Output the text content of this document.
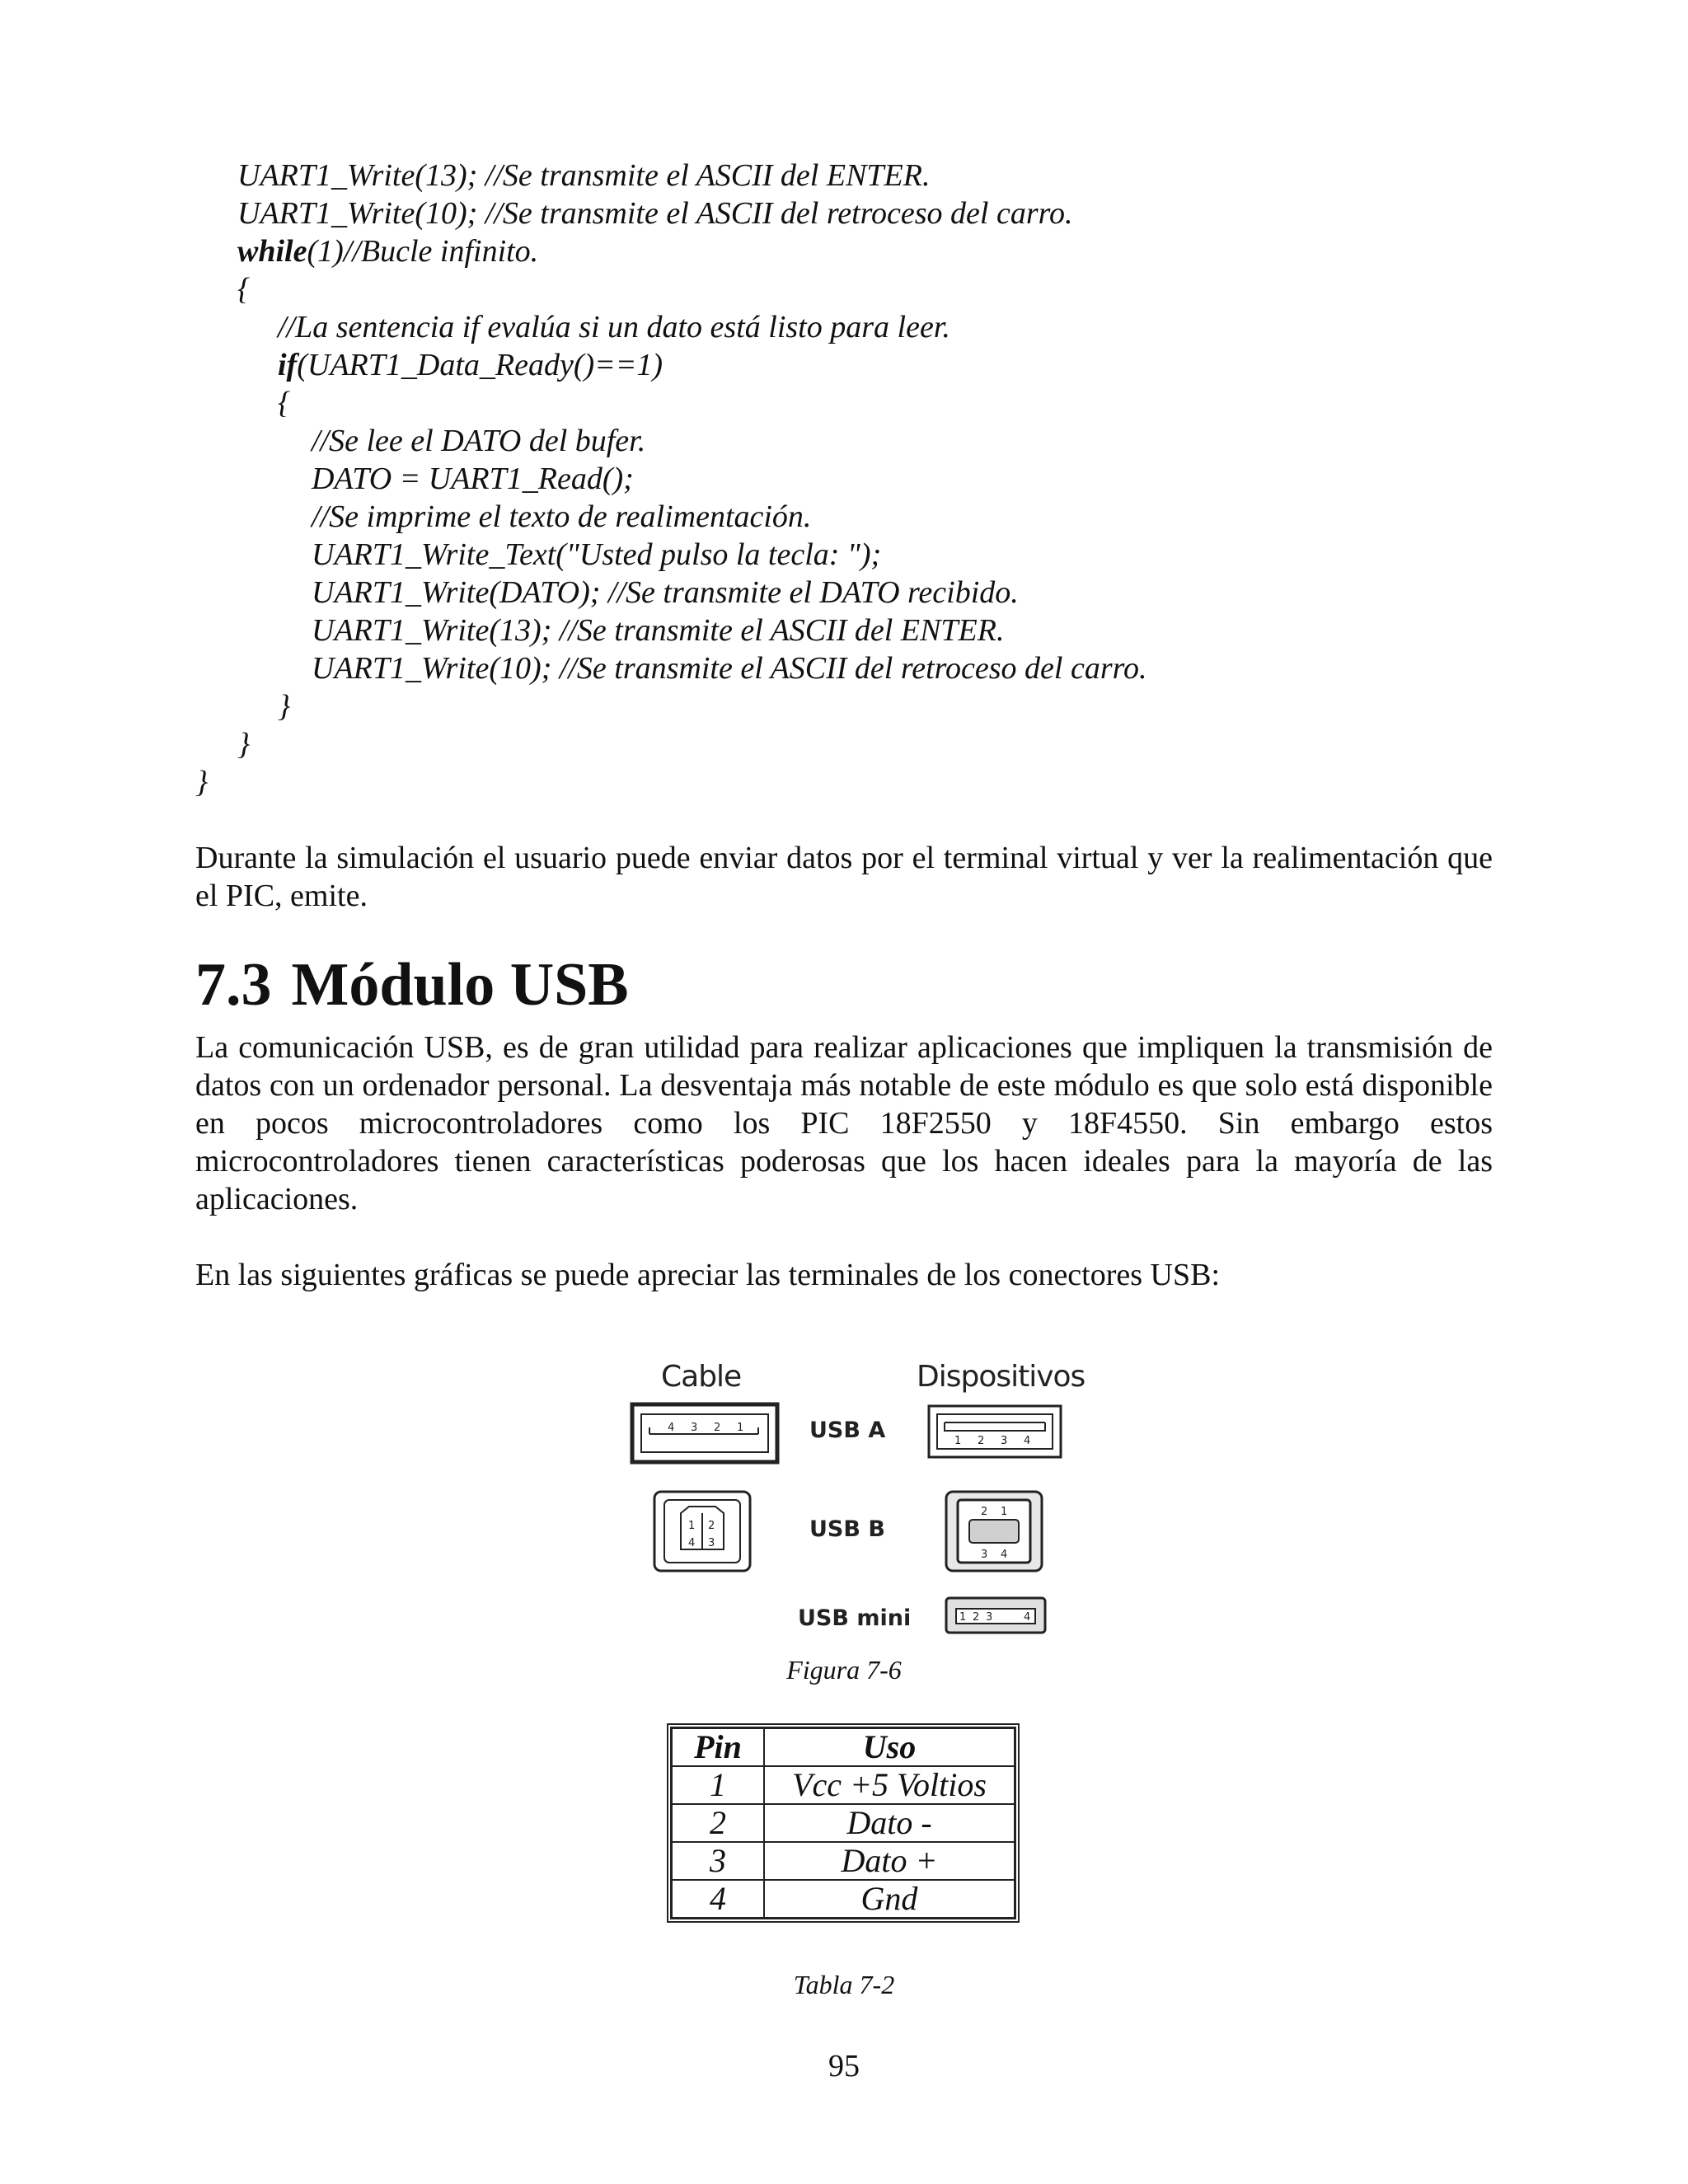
UART1_Write(13); //Se transmite el ASCII del ENTER.
UART1_Write(10); //Se transmite el ASCII del retroceso del carro.
while(1)//Bucle infinito.
{
//La sentencia if evalúa si un dato está listo para leer.
if(UART1_Data_Ready()==1)
{
//Se lee el DATO del bufer.
DATO = UART1_Read();
//Se imprime el texto de realimentación.
UART1_Write_Text("Usted pulso la tecla: ");
UART1_Write(DATO); //Se transmite el DATO recibido.
UART1_Write(13); //Se transmite el ASCII del ENTER.
UART1_Write(10); //Se transmite el ASCII del retroceso del carro.
}
}
}

Durante la simulación el usuario puede enviar datos por el terminal virtual y ver la realimentación que el PIC, emite.

7.3 Módulo USB

La comunicación USB, es de gran utilidad para realizar aplicaciones que impliquen la transmisión de datos con un ordenador personal. La desventaja más notable de este módulo es que solo está disponible en pocos microcontroladores como los PIC 18F2550 y 18F4550. Sin embargo estos microcontroladores tienen características poderosas que los hacen ideales para la mayoría de las aplicaciones.

En las siguientes gráficas se puede apreciar las terminales de los conectores USB:

Cable	Dispositivos
USB A
USB B
USB mini
4 3 2 1
1 2 3 4
1 2
4 3
2 1
3 4
1 2 3	4

Figura 7-6

Pin	Uso
1	Vcc +5 Voltios
2	Dato -
3	Dato +
4	Gnd

Tabla 7-2

95
